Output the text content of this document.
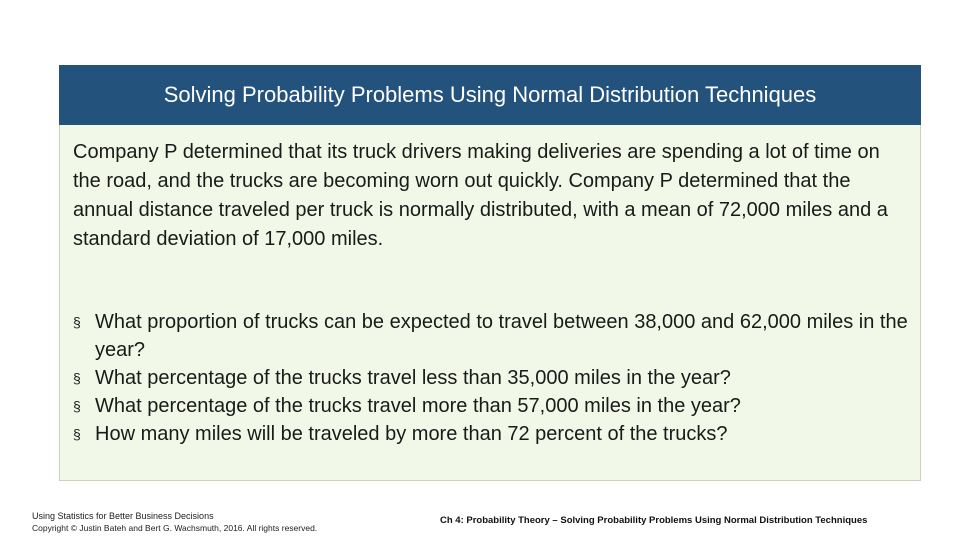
Solving Probability Problems Using Normal Distribution Techniques

Company P determined that its truck drivers making deliveries are spending a lot of time on the road, and the trucks are becoming worn out quickly. Company P determined that the annual distance traveled per truck is normally distributed, with a mean of 72,000 miles and a standard deviation of 17,000 miles.

§ What proportion of trucks can be expected to travel between 38,000 and 62,000 miles in the year?
§ What percentage of the trucks travel less than 35,000 miles in the year?
§ What percentage of the trucks travel more than 57,000 miles in the year?
§ How many miles will be traveled by more than 72 percent of the trucks?
Using Statistics for Better Business Decisions
Copyright © Justin Bateh and Bert G. Wachsmuth, 2016. All rights reserved.
Ch 4: Probability Theory – Solving Probability Problems Using Normal Distribution Techniques
